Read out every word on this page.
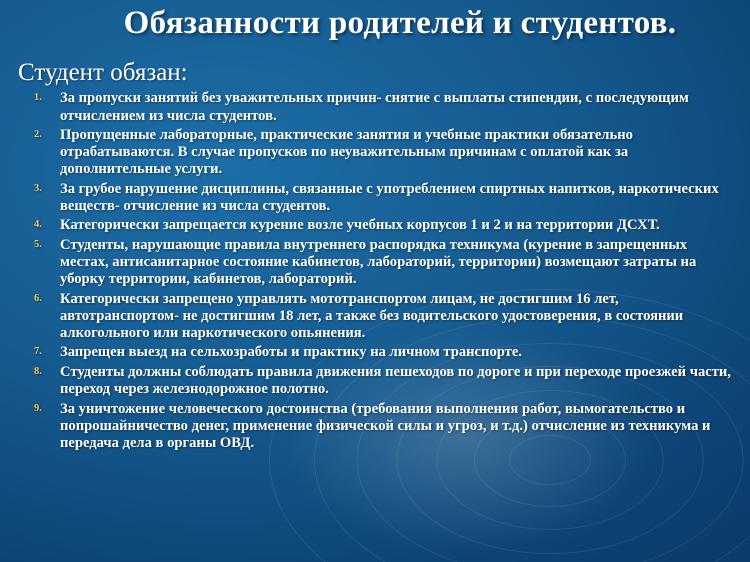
Обязанности родителей и студентов.
Студент обязан:
За пропуски занятий без уважительных причин- снятие с выплаты стипендии, с последующим отчислением из числа студентов.
Пропущенные лабораторные, практические занятия и учебные практики обязательно отрабатываются. В случае пропусков по неуважительным причинам с оплатой как за дополнительные услуги.
За грубое нарушение дисциплины, связанные с употреблением спиртных напитков, наркотических веществ- отчисление из числа студентов.
Категорически запрещается курение возле учебных корпусов 1 и 2 и на территории ДСХТ.
Студенты, нарушающие правила внутреннего распорядка техникума (курение в запрещенных местах, антисанитарное состояние кабинетов, лабораторий, территории) возмещают затраты на уборку территории, кабинетов, лабораторий.
Категорически запрещено управлять мототранспортом лицам, не достигшим 16 лет, автотранспортом- не достигшим 18 лет, а также без водительского удостоверения, в состоянии алкогольного или наркотического опьянения.
Запрещен выезд на сельхозработы и практику на личном транспорте.
Студенты должны соблюдать правила движения пешеходов по дороге и при переходе проезжей части, переход через железнодорожное полотно.
За уничтожение человеческого достоинства (требования выполнения работ, вымогательство и попрошайничество денег, применение физической силы и угроз, и т.д.) отчисление из техникума и передача дела в органы ОВД.
